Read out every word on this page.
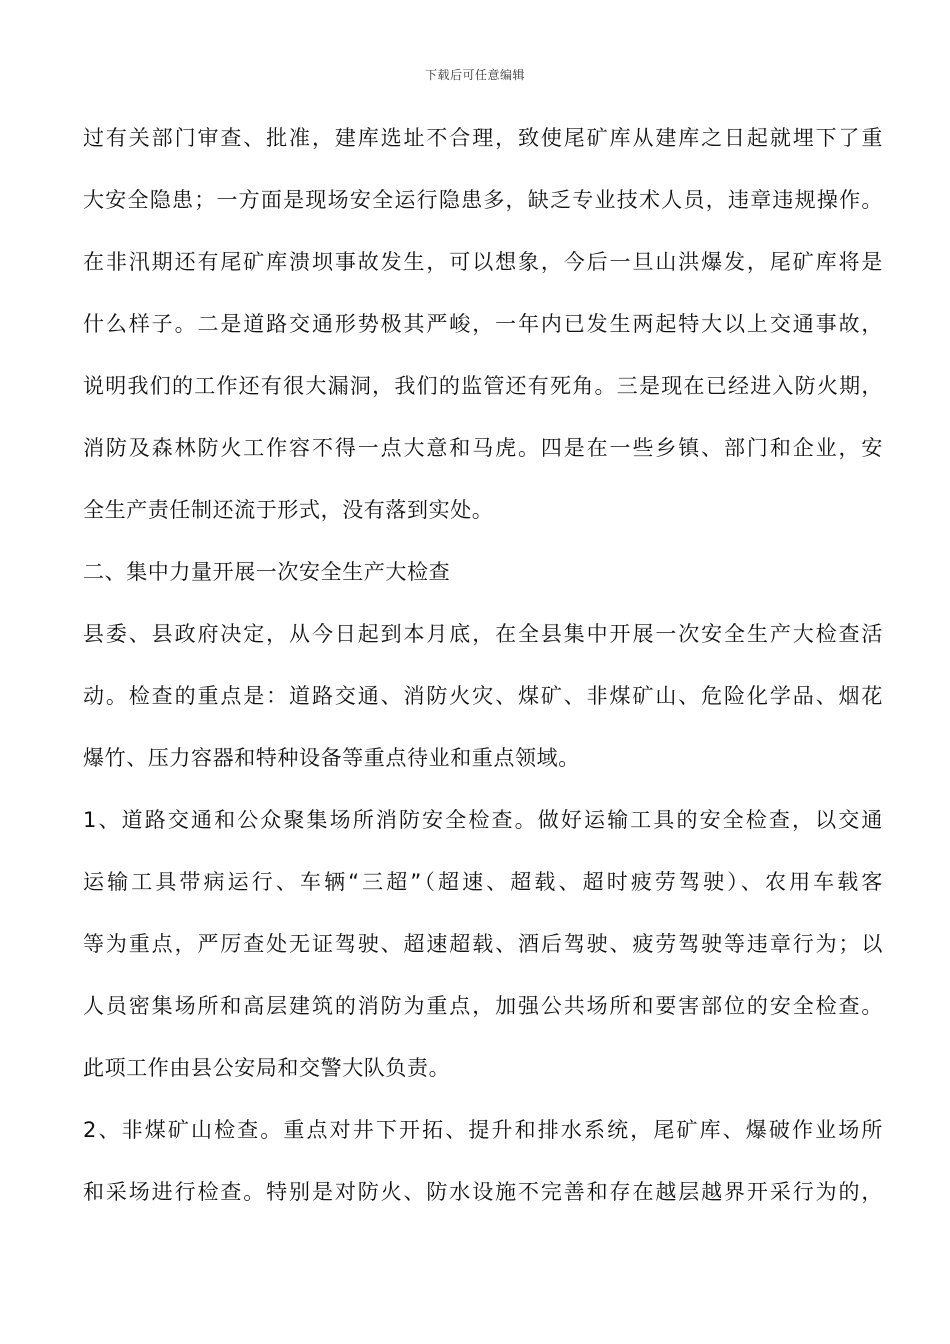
下载后可任意编辑
过有关部门审查、批准，建库选址不合理，致使尾矿库从建库之日起就埋下了重
大安全隐患；一方面是现场安全运行隐患多，缺乏专业技术人员，违章违规操作。
在非汛期还有尾矿库溃坝事故发生，可以想象，今后一旦山洪爆发，尾矿库将是
什么样子。二是道路交通形势极其严峻，一年内已发生两起特大以上交通事故，
说明我们的工作还有很大漏洞，我们的监管还有死角。三是现在已经进入防火期，
消防及森林防火工作容不得一点大意和马虎。四是在一些乡镇、部门和企业，安
全生产责任制还流于形式，没有落到实处。
二、集中力量开展一次安全生产大检查
县委、县政府决定，从今日起到本月底，在全县集中开展一次安全生产大检查活
动。检查的重点是：道路交通、消防火灾、煤矿、非煤矿山、危险化学品、烟花
爆竹、压力容器和特种设备等重点待业和重点领域。
1、道路交通和公众聚集场所消防安全检查。做好运输工具的安全检查，以交通
运输工具带病运行、车辆“三超”（超速、超载、超时疲劳驾驶）、农用车载客
等为重点，严厉查处无证驾驶、超速超载、酒后驾驶、疲劳驾驶等违章行为；以
人员密集场所和高层建筑的消防为重点，加强公共场所和要害部位的安全检查。
此项工作由县公安局和交警大队负责。
2、非煤矿山检查。重点对井下开拓、提升和排水系统，尾矿库、爆破作业场所
和采场进行检查。特别是对防火、防水设施不完善和存在越层越界开采行为的，
